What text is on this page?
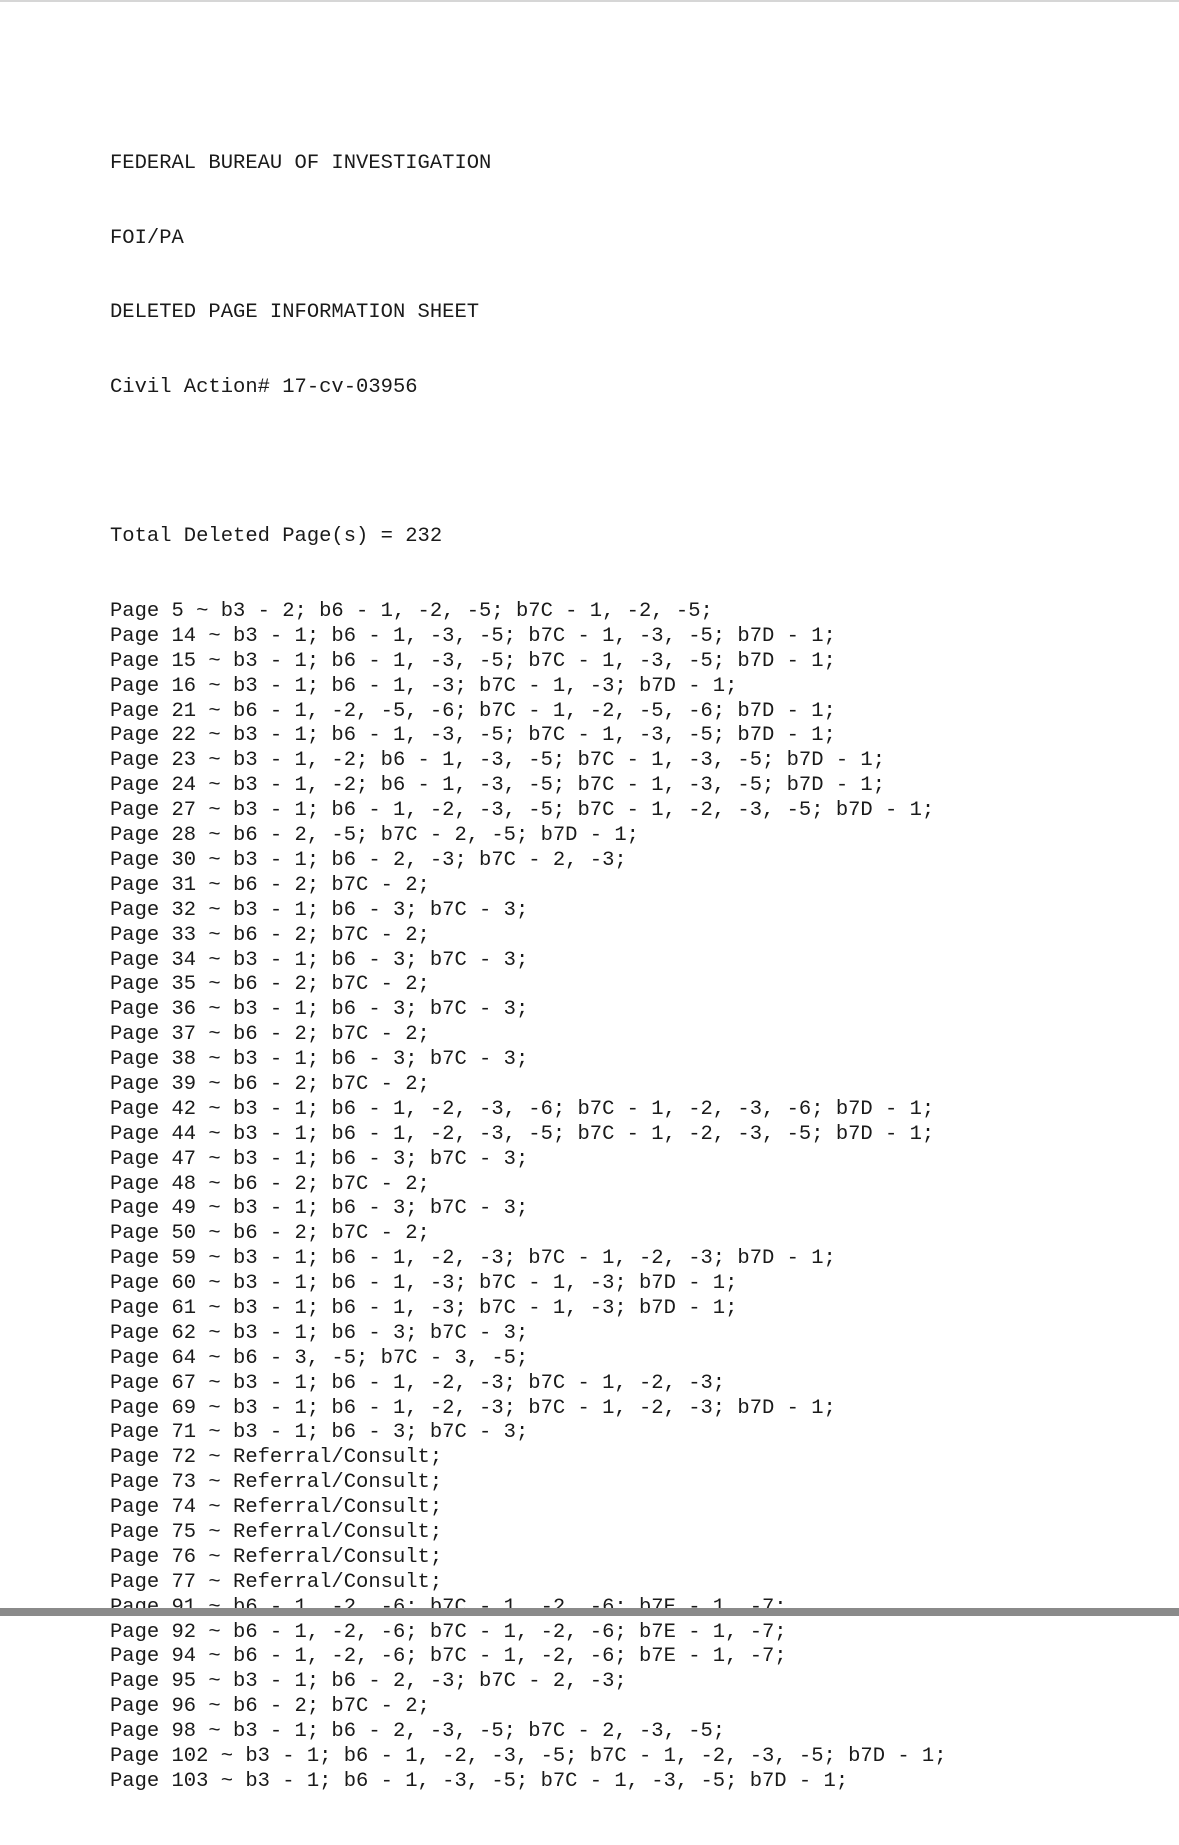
FEDERAL BUREAU OF INVESTIGATION

FOI/PA

DELETED PAGE INFORMATION SHEET

Civil Action# 17-cv-03956

Total Deleted Page(s) = 232

Page 5 ~ b3 - 2; b6 - 1, -2, -5; b7C - 1, -2, -5;
Page 14 ~ b3 - 1; b6 - 1, -3, -5; b7C - 1, -3, -5; b7D - 1;
Page 15 ~ b3 - 1; b6 - 1, -3, -5; b7C - 1, -3, -5; b7D - 1;
Page 16 ~ b3 - 1; b6 - 1, -3; b7C - 1, -3; b7D - 1;
Page 21 ~ b6 - 1, -2, -5, -6; b7C - 1, -2, -5, -6; b7D - 1;
Page 22 ~ b3 - 1; b6 - 1, -3, -5; b7C - 1, -3, -5; b7D - 1;
Page 23 ~ b3 - 1, -2; b6 - 1, -3, -5; b7C - 1, -3, -5; b7D - 1;
Page 24 ~ b3 - 1, -2; b6 - 1, -3, -5; b7C - 1, -3, -5; b7D - 1;
Page 27 ~ b3 - 1; b6 - 1, -2, -3, -5; b7C - 1, -2, -3, -5; b7D - 1;
Page 28 ~ b6 - 2, -5; b7C - 2, -5; b7D - 1;
Page 30 ~ b3 - 1; b6 - 2, -3; b7C - 2, -3;
Page 31 ~ b6 - 2; b7C - 2;
Page 32 ~ b3 - 1; b6 - 3; b7C - 3;
Page 33 ~ b6 - 2; b7C - 2;
Page 34 ~ b3 - 1; b6 - 3; b7C - 3;
Page 35 ~ b6 - 2; b7C - 2;
Page 36 ~ b3 - 1; b6 - 3; b7C - 3;
Page 37 ~ b6 - 2; b7C - 2;
Page 38 ~ b3 - 1; b6 - 3; b7C - 3;
Page 39 ~ b6 - 2; b7C - 2;
Page 42 ~ b3 - 1; b6 - 1, -2, -3, -6; b7C - 1, -2, -3, -6; b7D - 1;
Page 44 ~ b3 - 1; b6 - 1, -2, -3, -5; b7C - 1, -2, -3, -5; b7D - 1;
Page 47 ~ b3 - 1; b6 - 3; b7C - 3;
Page 48 ~ b6 - 2; b7C - 2;
Page 49 ~ b3 - 1; b6 - 3; b7C - 3;
Page 50 ~ b6 - 2; b7C - 2;
Page 59 ~ b3 - 1; b6 - 1, -2, -3; b7C - 1, -2, -3; b7D - 1;
Page 60 ~ b3 - 1; b6 - 1, -3; b7C - 1, -3; b7D - 1;
Page 61 ~ b3 - 1; b6 - 1, -3; b7C - 1, -3; b7D - 1;
Page 62 ~ b3 - 1; b6 - 3; b7C - 3;
Page 64 ~ b6 - 3, -5; b7C - 3, -5;
Page 67 ~ b3 - 1; b6 - 1, -2, -3; b7C - 1, -2, -3;
Page 69 ~ b3 - 1; b6 - 1, -2, -3; b7C - 1, -2, -3; b7D - 1;
Page 71 ~ b3 - 1; b6 - 3; b7C - 3;
Page 72 ~ Referral/Consult;
Page 73 ~ Referral/Consult;
Page 74 ~ Referral/Consult;
Page 75 ~ Referral/Consult;
Page 76 ~ Referral/Consult;
Page 77 ~ Referral/Consult;
Page 92 ~ b6 - 1, -2, -6; b7C - 1, -2, -6; b7E - 1, -7;
Page 94 ~ b6 - 1, -2, -6; b7C - 1, -2, -6; b7E - 1, -7;
Page 95 ~ b3 - 1; b6 - 2, -3; b7C - 2, -3;
Page 96 ~ b6 - 2; b7C - 2;
Page 98 ~ b3 - 1; b6 - 2, -3, -5; b7C - 2, -3, -5;
Page 102 ~ b3 - 1; b6 - 1, -2, -3, -5; b7C - 1, -2, -3, -5; b7D - 1;
Page 103 ~ b3 - 1; b6 - 1, -3, -5; b7C - 1, -3, -5; b7D - 1;
